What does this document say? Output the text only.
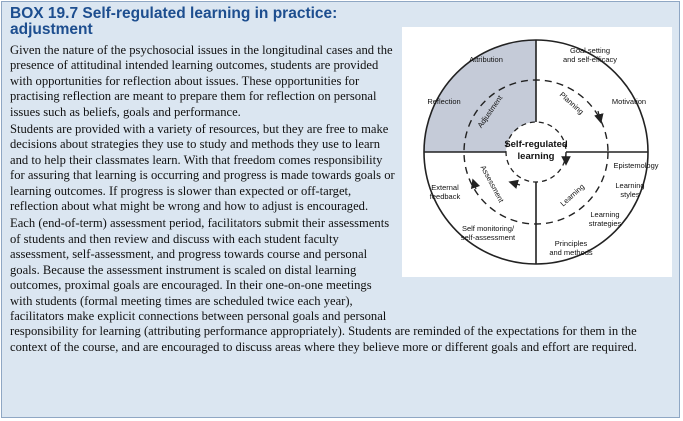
BOX 19.7 Self-regulated learning in practice:
adjustment

Given the nature of the psychosocial issues in the longitudinal cases and the presence of attitudinal intended learning outcomes, students are provided with opportunities for reflection about issues. These opportunities for practising reflection are meant to prepare them for reflection on personal issues such as beliefs, goals and performance.

Students are provided with a variety of resources, but they are free to make decisions about strategies they use to study and methods they use to learn and to help their classmates learn. With that freedom comes responsibility for assuring that learning is occurring and progress is made towards goals or learning outcomes. If progress is slower than expected or off-target, reflection about what might be wrong and how to adjust is encouraged.

Each (end-of-term) assessment period, facilitators submit their assessments of students and then review and discuss with each student faculty assessment, self-assessment, and progress towards course and personal goals. Because the assessment instrument is scaled on distal learning outcomes, proximal goals are encouraged. In their one-on-one meetings with students (formal meeting times are scheduled twice each year), facilitators make explicit connections between personal goals and personal responsibility for learning (attributing performance appropriately). Students are reminded of the expectations for them in the context of the course, and are encouraged to discuss areas where they believe more or different goals and effort are required.

Self-regulated
learning
Planning
Learning
Assessment
Adjustment
Attribution
Goal setting
and self-efficacy
Reflection	Motivation
Epistemology
Learning
styles
Learning
strategies
Principles
and methods
Self monitoring/
self-assessment
External
feedback
